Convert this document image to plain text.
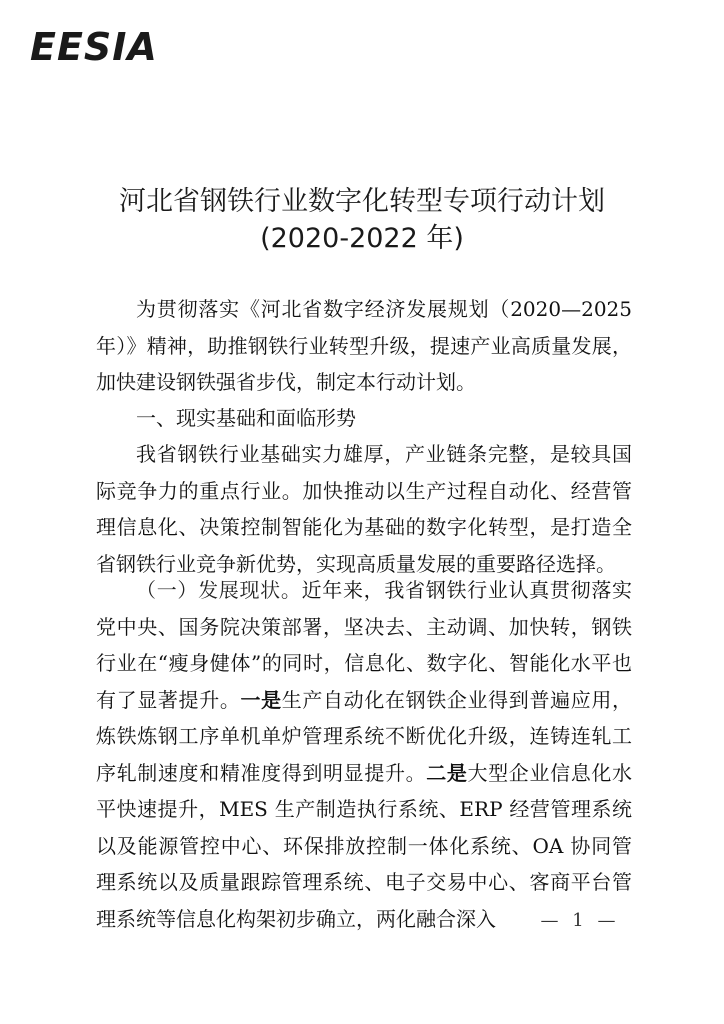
EESIA
河北省钢铁行业数字化转型专项行动计划
(2020-2022 年)

为贯彻落实《河北省数字经济发展规划（2020—2025 年）》精神，助推钢铁行业转型升级，提速产业高质量发展，加快建设钢铁强省步伐，制定本行动计划。

一、现实基础和面临形势

我省钢铁行业基础实力雄厚，产业链条完整，是较具国际竞争力的重点行业。加快推动以生产过程自动化、经营管理信息化、决策控制智能化为基础的数字化转型，是打造全省钢铁行业竞争新优势，实现高质量发展的重要路径选择。

（一）发展现状。近年来，我省钢铁行业认真贯彻落实党中央、国务院决策部署，坚决去、主动调、加快转，钢铁行业在“瘦身健体”的同时，信息化、数字化、智能化水平也有了显著提升。一是生产自动化在钢铁企业得到普遍应用，炼铁炼钢工序单机单炉管理系统不断优化升级，连铸连轧工序轧制速度和精准度得到明显提升。二是大型企业信息化水平快速提升，MES 生产制造执行系统、ERP 经营管理系统以及能源管控中心、环保排放控制一体化系统、OA 协同管理系统以及质量跟踪管理系统、电子交易中心、客商平台管理系统等信息化构架初步确立，两化融合深入	— 1 —
